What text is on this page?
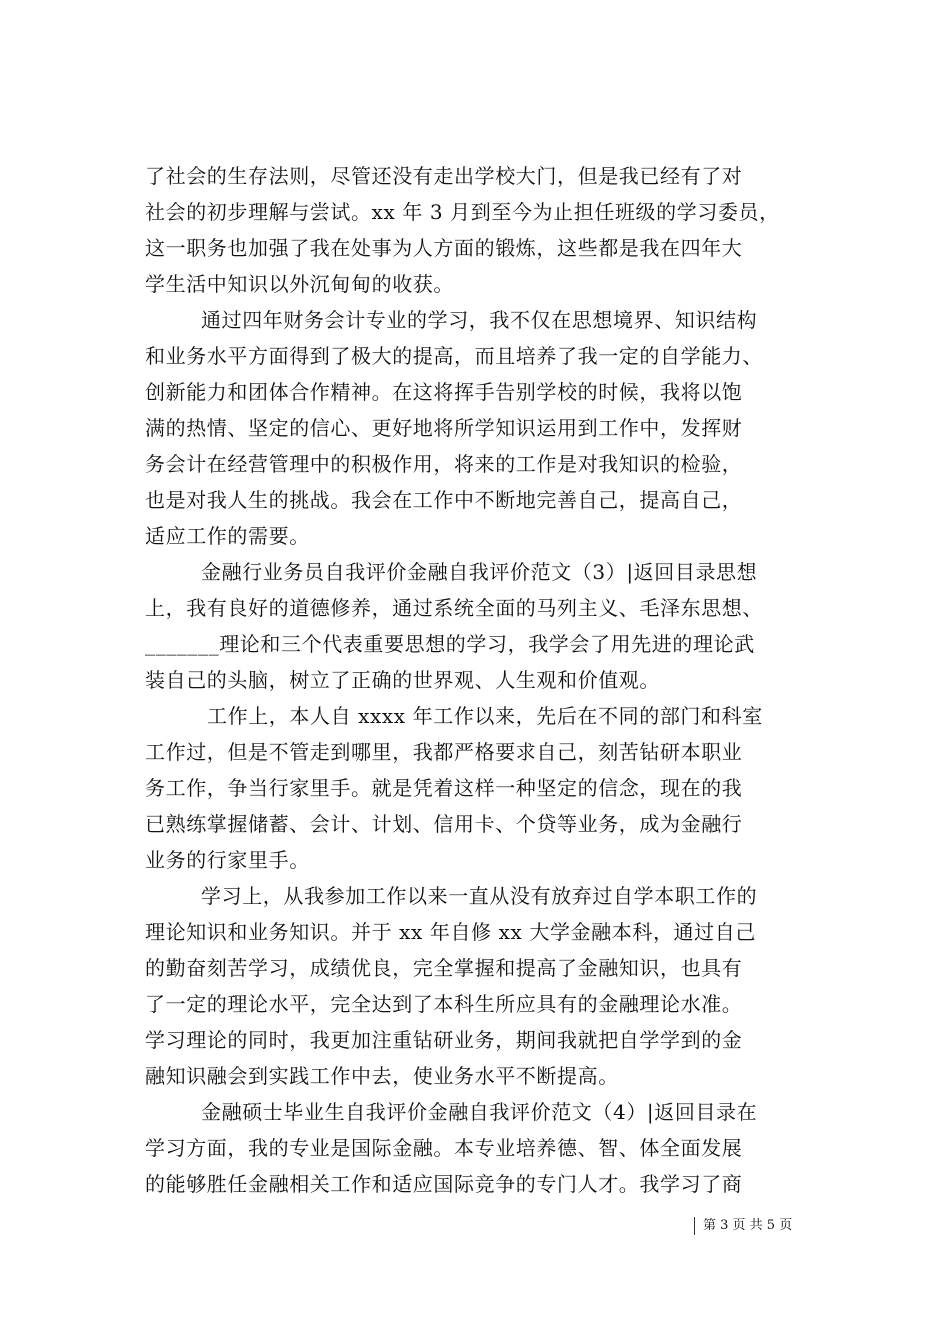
了社会的生存法则，尽管还没有走出学校大门，但是我已经有了对
社会的初步理解与尝试。xx 年 3 月到至今为止担任班级的学习委员，
这一职务也加强了我在处事为人方面的锻炼，这些都是我在四年大
学生活中知识以外沉甸甸的收获。
通过四年财务会计专业的学习，我不仅在思想境界、知识结构
和业务水平方面得到了极大的提高，而且培养了我一定的自学能力、
创新能力和团体合作精神。在这将挥手告别学校的时候，我将以饱
满的热情、坚定的信心、更好地将所学知识运用到工作中，发挥财
务会计在经营管理中的积极作用，将来的工作是对我知识的检验，
也是对我人生的挑战。我会在工作中不断地完善自己，提高自己，
适应工作的需要。
金融行业务员自我评价金融自我评价范文（3）|返回目录思想
上，我有良好的道德修养，通过系统全面的马列主义、毛泽东思想、
_______理论和三个代表重要思想的学习，我学会了用先进的理论武
装自己的头脑，树立了正确的世界观、人生观和价值观。
工作上，本人自 xxxx 年工作以来，先后在不同的部门和科室
工作过，但是不管走到哪里，我都严格要求自己，刻苦钻研本职业
务工作，争当行家里手。就是凭着这样一种坚定的信念，现在的我
已熟练掌握储蓄、会计、计划、信用卡、个贷等业务，成为金融行
业务的行家里手。
学习上，从我参加工作以来一直从没有放弃过自学本职工作的
理论知识和业务知识。并于 xx 年自修 xx 大学金融本科，通过自己
的勤奋刻苦学习，成绩优良，完全掌握和提高了金融知识，也具有
了一定的理论水平，完全达到了本科生所应具有的金融理论水准。
学习理论的同时，我更加注重钻研业务，期间我就把自学学到的金
融知识融会到实践工作中去，使业务水平不断提高。
金融硕士毕业生自我评价金融自我评价范文（4）|返回目录在
学习方面，我的专业是国际金融。本专业培养德、智、体全面发展
的能够胜任金融相关工作和适应国际竞争的专门人才。我学习了商
第 3 页 共 5 页
